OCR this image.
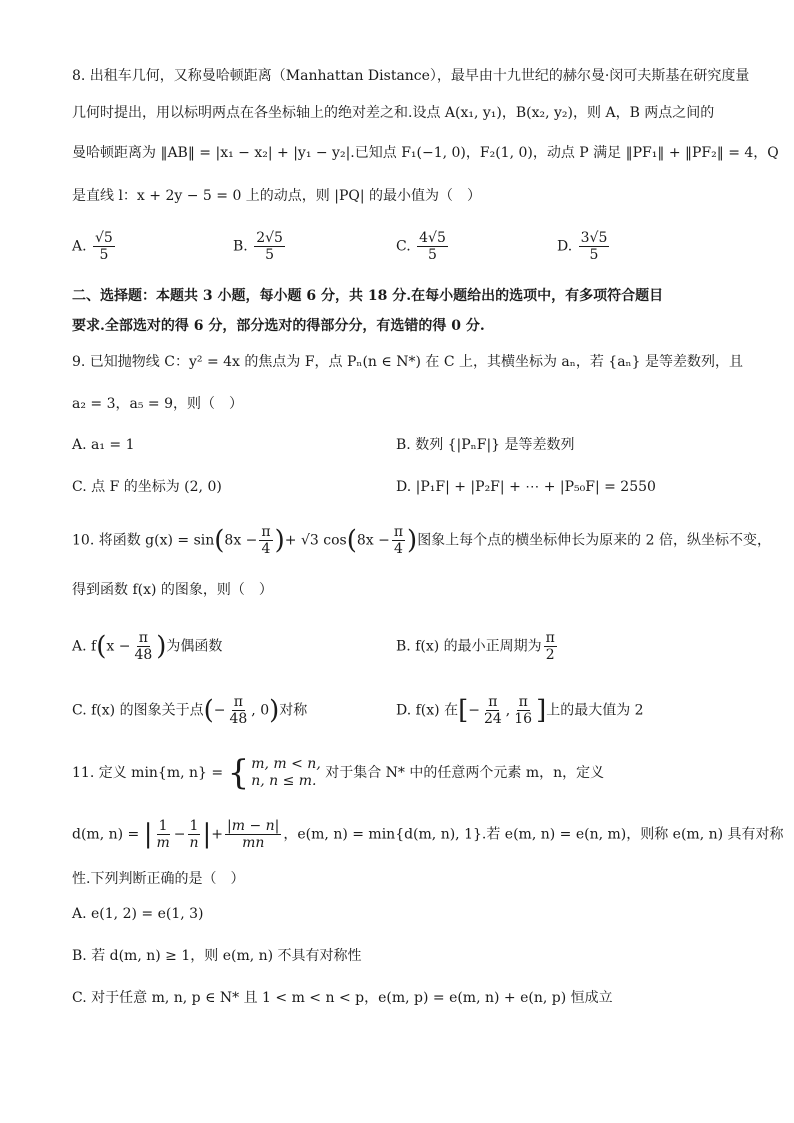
8. 出租车几何，又称曼哈顿距离（Manhattan Distance），最早由十九世纪的赫尔曼·闵可夫斯基在研究度量
几何时提出，用以标明两点在各坐标轴上的绝对差之和.设点 A(x₁, y₁)，B(x₂, y₂)，则 A，B 两点之间的
曼哈顿距离为 ‖AB‖ = |x₁ − x₂| + |y₁ − y₂|.已知点 F₁(−1, 0)，F₂(1, 0)，动点 P 满足 ‖PF₁‖ + ‖PF₂‖ = 4，Q
是直线 l：x + 2y − 5 = 0 上的动点，则 |PQ| 的最小值为（　）
A. $\frac{√5}{5}$	B. $\frac{2√5}{5}$	C. $\frac{4√5}{5}$	D. $\frac{3√5}{5}$
二、选择题：本题共 3 小题，每小题 6 分，共 18 分.在每小题给出的选项中，有多项符合题目
要求.全部选对的得 6 分，部分选对的得部分分，有选错的得 0 分.
9. 已知抛物线 C：y² = 4x 的焦点为 F，点 Pₙ(n ∈ N*) 在 C 上，其横坐标为 aₙ，若 {aₙ} 是等差数列，且
a₂ = 3，a₅ = 9，则（　）
A. a₁ = 1	B. 数列 {|PₙF|} 是等差数列
C. 点 F 的坐标为 (2, 0)	D. |P₁F| + |P₂F| + ⋯ + |P₅₀F| = 2550
10. 将函数 $g(x) = \sin(8x - \frac{\pi}{4}$ )+ √3 $\cos(8x - \frac{\pi}{4}$ )图象上每个点的横坐标伸长为原来的 2 倍，纵坐标不变，
得到函数 f(x) 的图象，则（　）
A. $f(x - \frac{\pi}{48}$ )为偶函数	B. f(x) 的最小正周期为 $\frac{\pi}{2}$
C. f(x) 的图象关于点(− $\frac{\pi}{48}$ , 0)对称	D. f(x) 在[− $\frac{\pi}{24}$ , $\frac{\pi}{16}$ ]上的最大值为 2
11. 定义 min{m, n} = { m, m < n,
n, n ≤ m. 对于集合 N* 中的任意两个元素 m，n，定义
d(m, n) = | $\frac{1}{m} - \frac{1}{n}$ |+ $\frac{|m - n|}{mn}$ ，e(m, n) = min{d(m, n), 1}.若 e(m, n) = e(n, m)，则称 e(m, n) 具有对称
性.下列判断正确的是（　）
A. e(1, 2) = e(1, 3)
B. 若 d(m, n) ≥ 1，则 e(m, n) 不具有对称性
C. 对于任意 m, n, p ∈ N* 且 1 < m < n < p，e(m, p) = e(m, n) + e(n, p) 恒成立
